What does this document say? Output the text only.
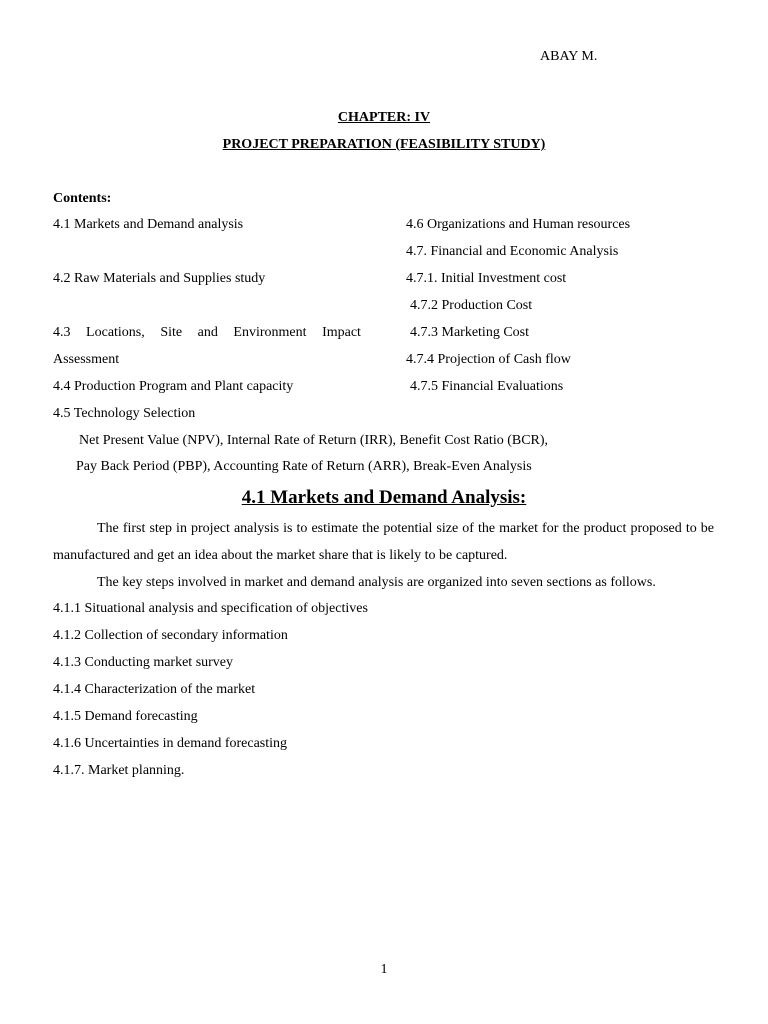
ABAY M.
CHAPTER: IV
PROJECT PREPARATION (FEASIBILITY STUDY)
Contents:
4.1 Markets and Demand analysis
4.2 Raw Materials and Supplies study
4.3 Locations, Site and Environment Impact
Assessment
4.4 Production Program and Plant capacity
4.5 Technology Selection
4.6 Organizations and Human resources
4.7. Financial and Economic Analysis
4.7.1. Initial Investment cost
4.7.2 Production Cost
4.7.3 Marketing Cost
4.7.4 Projection of Cash flow
4.7.5 Financial Evaluations
Net Present Value (NPV), Internal Rate of Return (IRR), Benefit Cost Ratio (BCR),
Pay Back Period (PBP), Accounting Rate of Return (ARR), Break-Even Analysis
4.1 Markets and Demand Analysis:

The first step in project analysis is to estimate the potential size of the market for the product proposed to be manufactured and get an idea about the market share that is likely to be captured.

The key steps involved in market and demand analysis are organized into seven sections as follows.

4.1.1 Situational analysis and specification of objectives
4.1.2 Collection of secondary information
4.1.3 Conducting market survey
4.1.4 Characterization of the market
4.1.5 Demand forecasting
4.1.6 Uncertainties in demand forecasting
4.1.7. Market planning.
1
